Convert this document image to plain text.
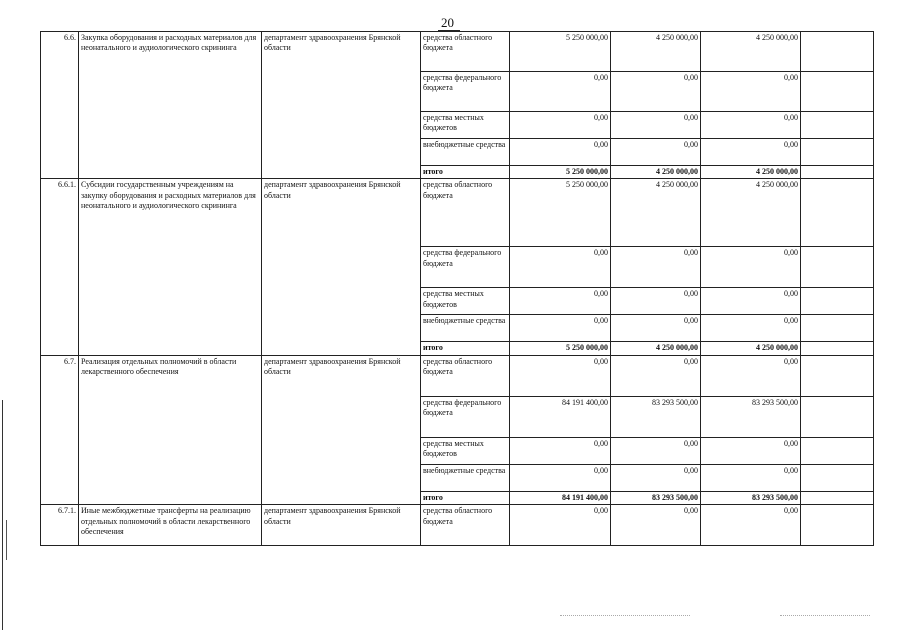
20
6.6.	Закупка оборудования и расходных материалов для неонатального и аудиологического скрининга	департамент здравоохранения Брянской области	средства областного бюджета	5 250 000,00	4 250 000,00	4 250 000,00	
			средства федерального бюджета	0,00	0,00	0,00	
			средства местных бюджетов	0,00	0,00	0,00	
			внебюджетные средства	0,00	0,00	0,00	
			итого	5 250 000,00	4 250 000,00	4 250 000,00	
6.6.1.	Субсидии государственным учреждениям на закупку оборудования и расходных материалов для неонатального и аудиологического скрининга	департамент здравоохранения Брянской области	средства областного бюджета	5 250 000,00	4 250 000,00	4 250 000,00	
			средства федерального бюджета	0,00	0,00	0,00	
			средства местных бюджетов	0,00	0,00	0,00	
			внебюджетные средства	0,00	0,00	0,00	
			итого	5 250 000,00	4 250 000,00	4 250 000,00	
6.7.	Реализация отдельных полномочий в области лекарственного обеспечения	департамент здравоохранения Брянской области	средства областного бюджета	0,00	0,00	0,00	
			средства федерального бюджета	84 191 400,00	83 293 500,00	83 293 500,00	
			средства местных бюджетов	0,00	0,00	0,00	
			внебюджетные средства	0,00	0,00	0,00	
			итого	84 191 400,00	83 293 500,00	83 293 500,00	
6.7.1.	Иные межбюджетные трансферты на реализацию отдельных полномочий в области лекарственного обеспечения	департамент здравоохранения Брянской области	средства областного бюджета	0,00	0,00	0,00	
